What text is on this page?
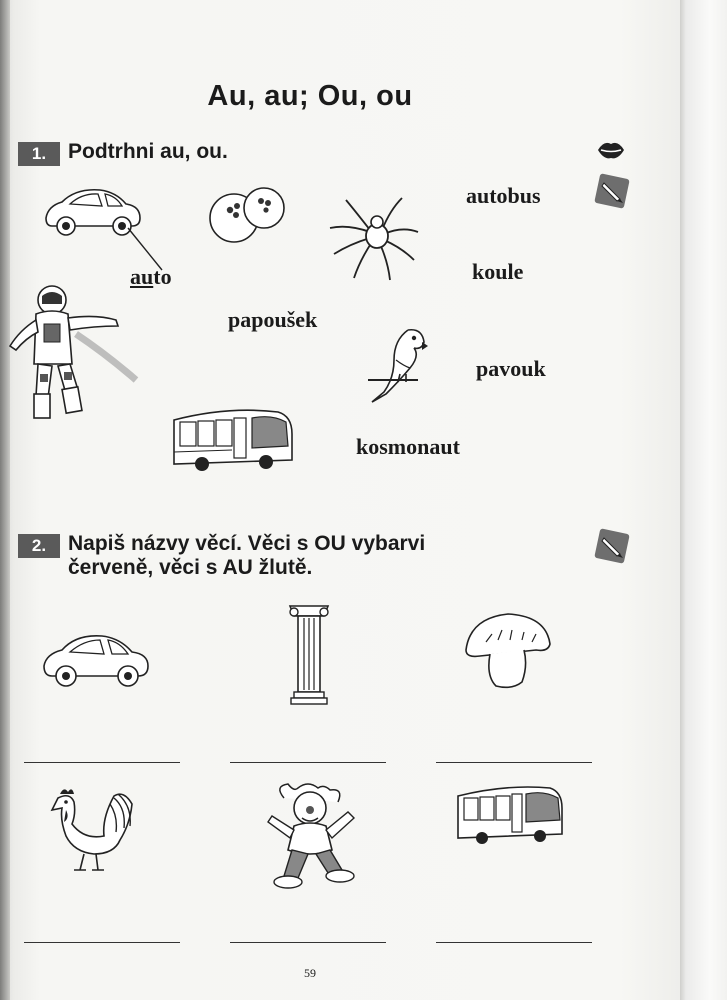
Au, au; Ou, ou
1.	Podtrhni au, ou.
auto
autobus
koule
papoušek
pavouk
kosmonaut
2.	Napiš názvy věcí. Věci s OU vybarvi
červeně, věci s AU žlutě.
59
